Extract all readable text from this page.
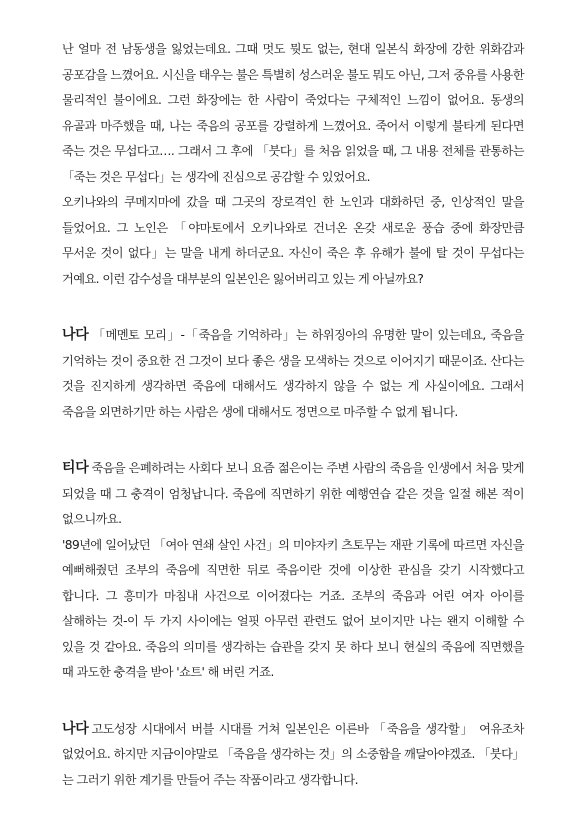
난 얼마 전 남동생을 잃었는데요. 그때 멋도 뭣도 없는, 현대 일본식 화장에 강한 위화감과 공포감을 느꼈어요. 시신을 태우는 불은 특별히 성스러운 불도 뭐도 아닌, 그저 중유를 사용한 물리적인 불이에요. 그런 화장에는 한 사람이 죽었다는 구체적인 느낌이 없어요. 동생의 유골과 마주했을 때, 나는 죽음의 공포를 강렬하게 느꼈어요. 죽어서 이렇게 불타게 된다면 죽는 것은 무섭다고…. 그래서 그 후에 「붓다」를 처음 읽었을 때, 그 내용 전체를 관통하는 「죽는 것은 무섭다」는 생각에 진심으로 공감할 수 있었어요.

오키나와의 쿠메지마에 갔을 때 그곳의 장로격인 한 노인과 대화하던 중, 인상적인 말을 들었어요. 그 노인은 「야마토에서 오키나와로 건너온 온갖 새로운 풍습 중에 화장만큼 무서운 것이 없다」는 말을 내게 하더군요. 자신이 죽은 후 유해가 불에 탈 것이 무섭다는 거예요. 이런 감수성을 대부분의 일본인은 잃어버리고 있는 게 아닐까요?

나다 「메멘토 모리」-「죽음을 기억하라」는 하위징아의 유명한 말이 있는데요, 죽음을 기억하는 것이 중요한 건 그것이 보다 좋은 생을 모색하는 것으로 이어지기 때문이죠. 산다는 것을 진지하게 생각하면 죽음에 대해서도 생각하지 않을 수 없는 게 사실이에요. 그래서 죽음을 외면하기만 하는 사람은 생에 대해서도 정면으로 마주할 수 없게 됩니다.

티다 죽음을 은폐하려는 사회다 보니 요즘 젊은이는 주변 사람의 죽음을 인생에서 처음 맞게 되었을 때 그 충격이 엄청납니다. 죽음에 직면하기 위한 예행연습 같은 것을 일절 해본 적이 없으니까요.

'89년에 일어났던 「여아 연쇄 살인 사건」의 미야자키 츠토무는 재판 기록에 따르면 자신을 예뻐해줬던 조부의 죽음에 직면한 뒤로 죽음이란 것에 이상한 관심을 갖기 시작했다고 합니다. 그 흥미가 마침내 사건으로 이어졌다는 거죠. 조부의 죽음과 어린 여자 아이를 살해하는 것-이 두 가지 사이에는 얼핏 아무런 관련도 없어 보이지만 나는 왠지 이해할 수 있을 것 같아요. 죽음의 의미를 생각하는 습관을 갖지 못 하다 보니 현실의 죽음에 직면했을 때 과도한 충격을 받아 '쇼트' 해 버린 거죠.

나다 고도성장 시대에서 버블 시대를 거쳐 일본인은 이른바 「죽음을 생각할」 여유조차 없었어요. 하지만 지금이야말로 「죽음을 생각하는 것」의 소중함을 깨달아야겠죠. 「붓다」는 그러기 위한 계기를 만들어 주는 작품이라고 생각합니다.
